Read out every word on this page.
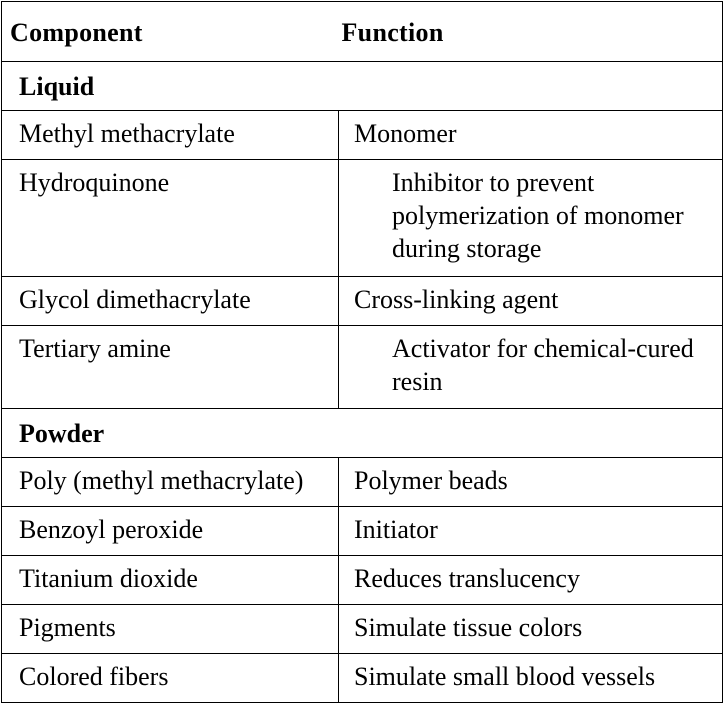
Component	Function

Liquid	

Methyl methacrylate	Monomer

Hydroquinone	Inhibitor to prevent polymerization of monomer during storage

Glycol dimethacrylate	Cross-linking agent

Tertiary amine	Activator for chemical-cured resin

Powder	

Poly (methyl methacrylate)	Polymer beads

Benzoyl peroxide	Initiator

Titanium dioxide	Reduces translucency

Pigments	Simulate tissue colors

Colored fibers	Simulate small blood vessels
